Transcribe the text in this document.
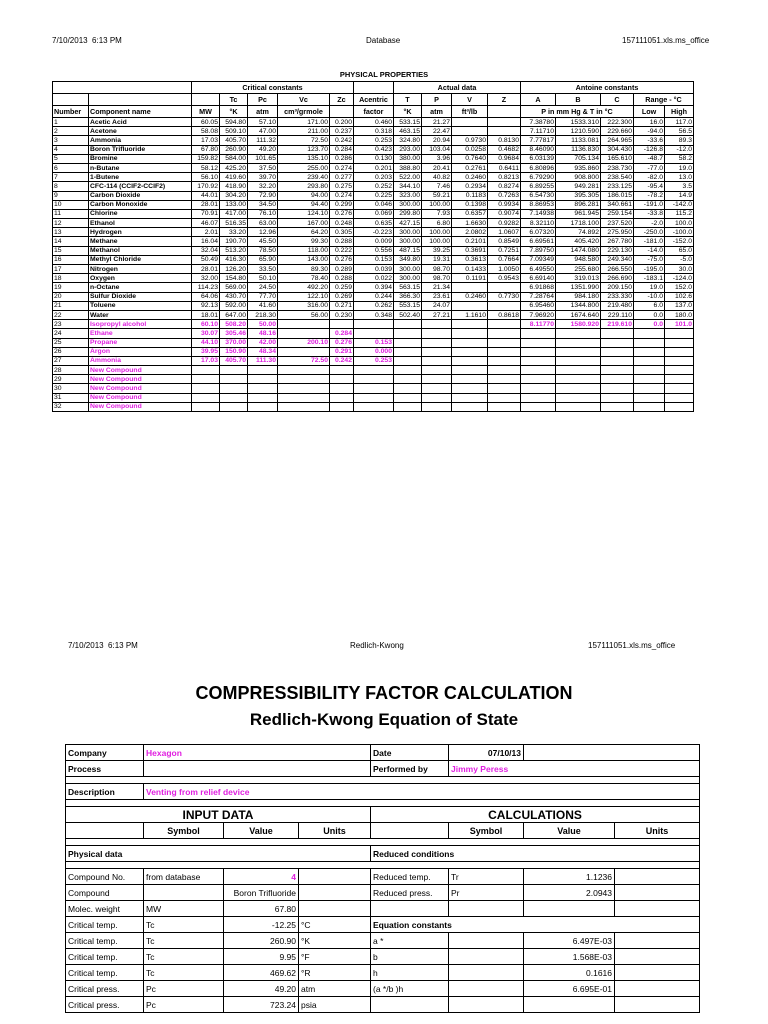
7/10/2013 6:13 PM	Database	157111051.xls.ms_office
PHYSICAL PROPERTIES
		Critical constants						Actual data				Antoine constants				
			Tc	Pc	Vc	Zc	Acentric	T	P	V	Z	A	B	C	Range - °C	
Number	Component name	MW	°K	atm	cm³/grmole		factor	°K	atm	ft³/lb		P in mm Hg & T in °C			Low	High
1	Acetic Acid	60.05	594.80	57.10	171.00	0.200	0.460	533.15	21.27			7.38780	1533.310	222.300	16.0	117.0
2	Acetone	58.08	509.10	47.00	211.00	0.237	0.318	463.15	22.47			7.11710	1210.590	229.660	-94.0	56.5
3	Ammonia	17.03	405.70	111.32	72.50	0.242	0.253	324.80	20.94	0.9730	0.8130	7.77817	1133.081	264.965	-33.6	89.3
4	Boron Trifluoride	67.80	260.90	49.20	123.70	0.284	0.423	293.00	103.04	0.0258	0.4682	8.46090	1136.830	304.430	-126.8	-12.0
5	Bromine	159.82	584.00	101.65	135.10	0.286	0.130	380.00	3.96	0.7640	0.9684	6.03139	705.134	165.610	-48.7	58.2
6	n-Butane	58.12	425.20	37.50	255.00	0.274	0.201	388.80	20.41	0.2761	0.6411	6.80896	935.860	238.730	-77.0	19.0
7	1-Butene	56.10	419.60	39.70	239.40	0.277	0.203	522.00	40.82	0.2460	0.8213	6.79290	908.800	238.540	-82.0	13.0
8	CFC-114 (CClF2-CClF2)	170.92	418.90	32.20	293.80	0.275	0.252	344.10	7.46	0.2934	0.8274	6.89255	949.281	233.125	-95.4	3.5
9	Carbon Dioxide	44.01	304.20	72.90	94.00	0.274	0.225	323.00	59.21	0.1183	0.7263	6.54730	395.305	186.015	-78.2	14.9
10	Carbon Monoxide	28.01	133.00	34.50	94.40	0.299	0.046	300.00	100.00	0.1398	0.9934	8.86953	896.281	340.661	-191.0	-142.0
11	Chlorine	70.91	417.00	76.10	124.10	0.276	0.069	299.80	7.93	0.6357	0.9074	7.14938	961.945	259.154	-33.8	115.2
12	Ethanol	46.07	516.35	63.00	167.00	0.248	0.635	427.15	6.80	1.6630	0.9282	8.32110	1718.100	237.520	-2.0	100.0
13	Hydrogen	2.01	33.20	12.96	64.20	0.305	-0.223	300.00	100.00	2.0802	1.0607	6.07320	74.892	275.950	-250.0	-100.0
14	Methane	16.04	190.70	45.50	99.30	0.288	0.009	300.00	100.00	0.2101	0.8549	6.69561	405.420	267.780	-181.0	-152.0
15	Methanol	32.04	513.20	78.50	118.00	0.222	0.556	487.15	39.25	0.3691	0.7251	7.89750	1474.080	229.130	-14.0	65.0
16	Methyl Chloride	50.49	416.30	65.90	143.00	0.276	0.153	349.80	19.31	0.3613	0.7664	7.09349	948.580	249.340	-75.0	-5.0
17	Nitrogen	28.01	126.20	33.50	89.30	0.289	0.039	300.00	98.70	0.1433	1.0050	6.49550	255.680	266.550	-195.0	30.0
18	Oxygen	32.00	154.80	50.10	78.40	0.288	0.022	300.00	98.70	0.1191	0.9543	6.69140	319.013	266.690	-183.1	-124.0
19	n-Octane	114.23	569.00	24.50	492.20	0.259	0.394	563.15	21.34			6.91868	1351.990	209.150	19.0	152.0
20	Sulfur Dioxide	64.06	430.70	77.70	122.10	0.269	0.244	366.30	23.61	0.2460	0.7730	7.28764	984.180	233.330	-10.0	102.6
21	Toluene	92.13	592.00	41.60	316.00	0.271	0.262	553.15	24.07			6.95460	1344.800	219.480	6.0	137.0
22	Water	18.01	647.00	218.30	56.00	0.230	0.348	502.40	27.21	1.1610	0.8618	7.96920	1674.640	229.110	0.0	180.0
23	Isopropyl alcohol	60.10	508.20	50.00								8.11770	1580.920	219.610	0.0	101.0
24	Ethane	30.07	305.46	48.16		0.284										
25	Propane	44.10	370.00	42.00	200.10	0.276	0.153									
26	Argon	39.95	150.90	48.34		0.291	0.000									
27	Ammonia	17.03	405.70	111.30	72.50	0.242	0.253									
28	New Compound															
29	New Compound															
30	New Compound															
31	New Compound															
32	New Compound															
7/10/2013 6:13 PM	Redlich-Kwong	157111051.xls.ms_office
COMPRESSIBILITY FACTOR CALCULATION
Redlich-Kwong Equation of State
Company	Hexagon			Date	07/10/13		
Process				Performed by	Jimmy Peress		

Description	Venting from relief device						

INPUT DATA				CALCULATIONS			
	Symbol	Value	Units		Symbol	Value	Units

Physical data				Reduced conditions			

Compound No.	from database	4		Reduced temp.	Tr	1.1236	
Compound		Boron Trifluoride		Reduced press.	Pr	2.0943	
Molec. weight	MW	67.80					
Critical temp.	Tc	-12.25	°C	Equation constants			
Critical temp.	Tc	260.90	°K	a *		6.497E-03	
Critical temp.	Tc	9.95	°F	b		1.568E-03	
Critical temp.	Tc	469.62	°R	h		0.1616	
Critical press.	Pc	49.20	atm	(a */b )h		6.695E-01	
Critical press.	Pc	723.24	psia				
